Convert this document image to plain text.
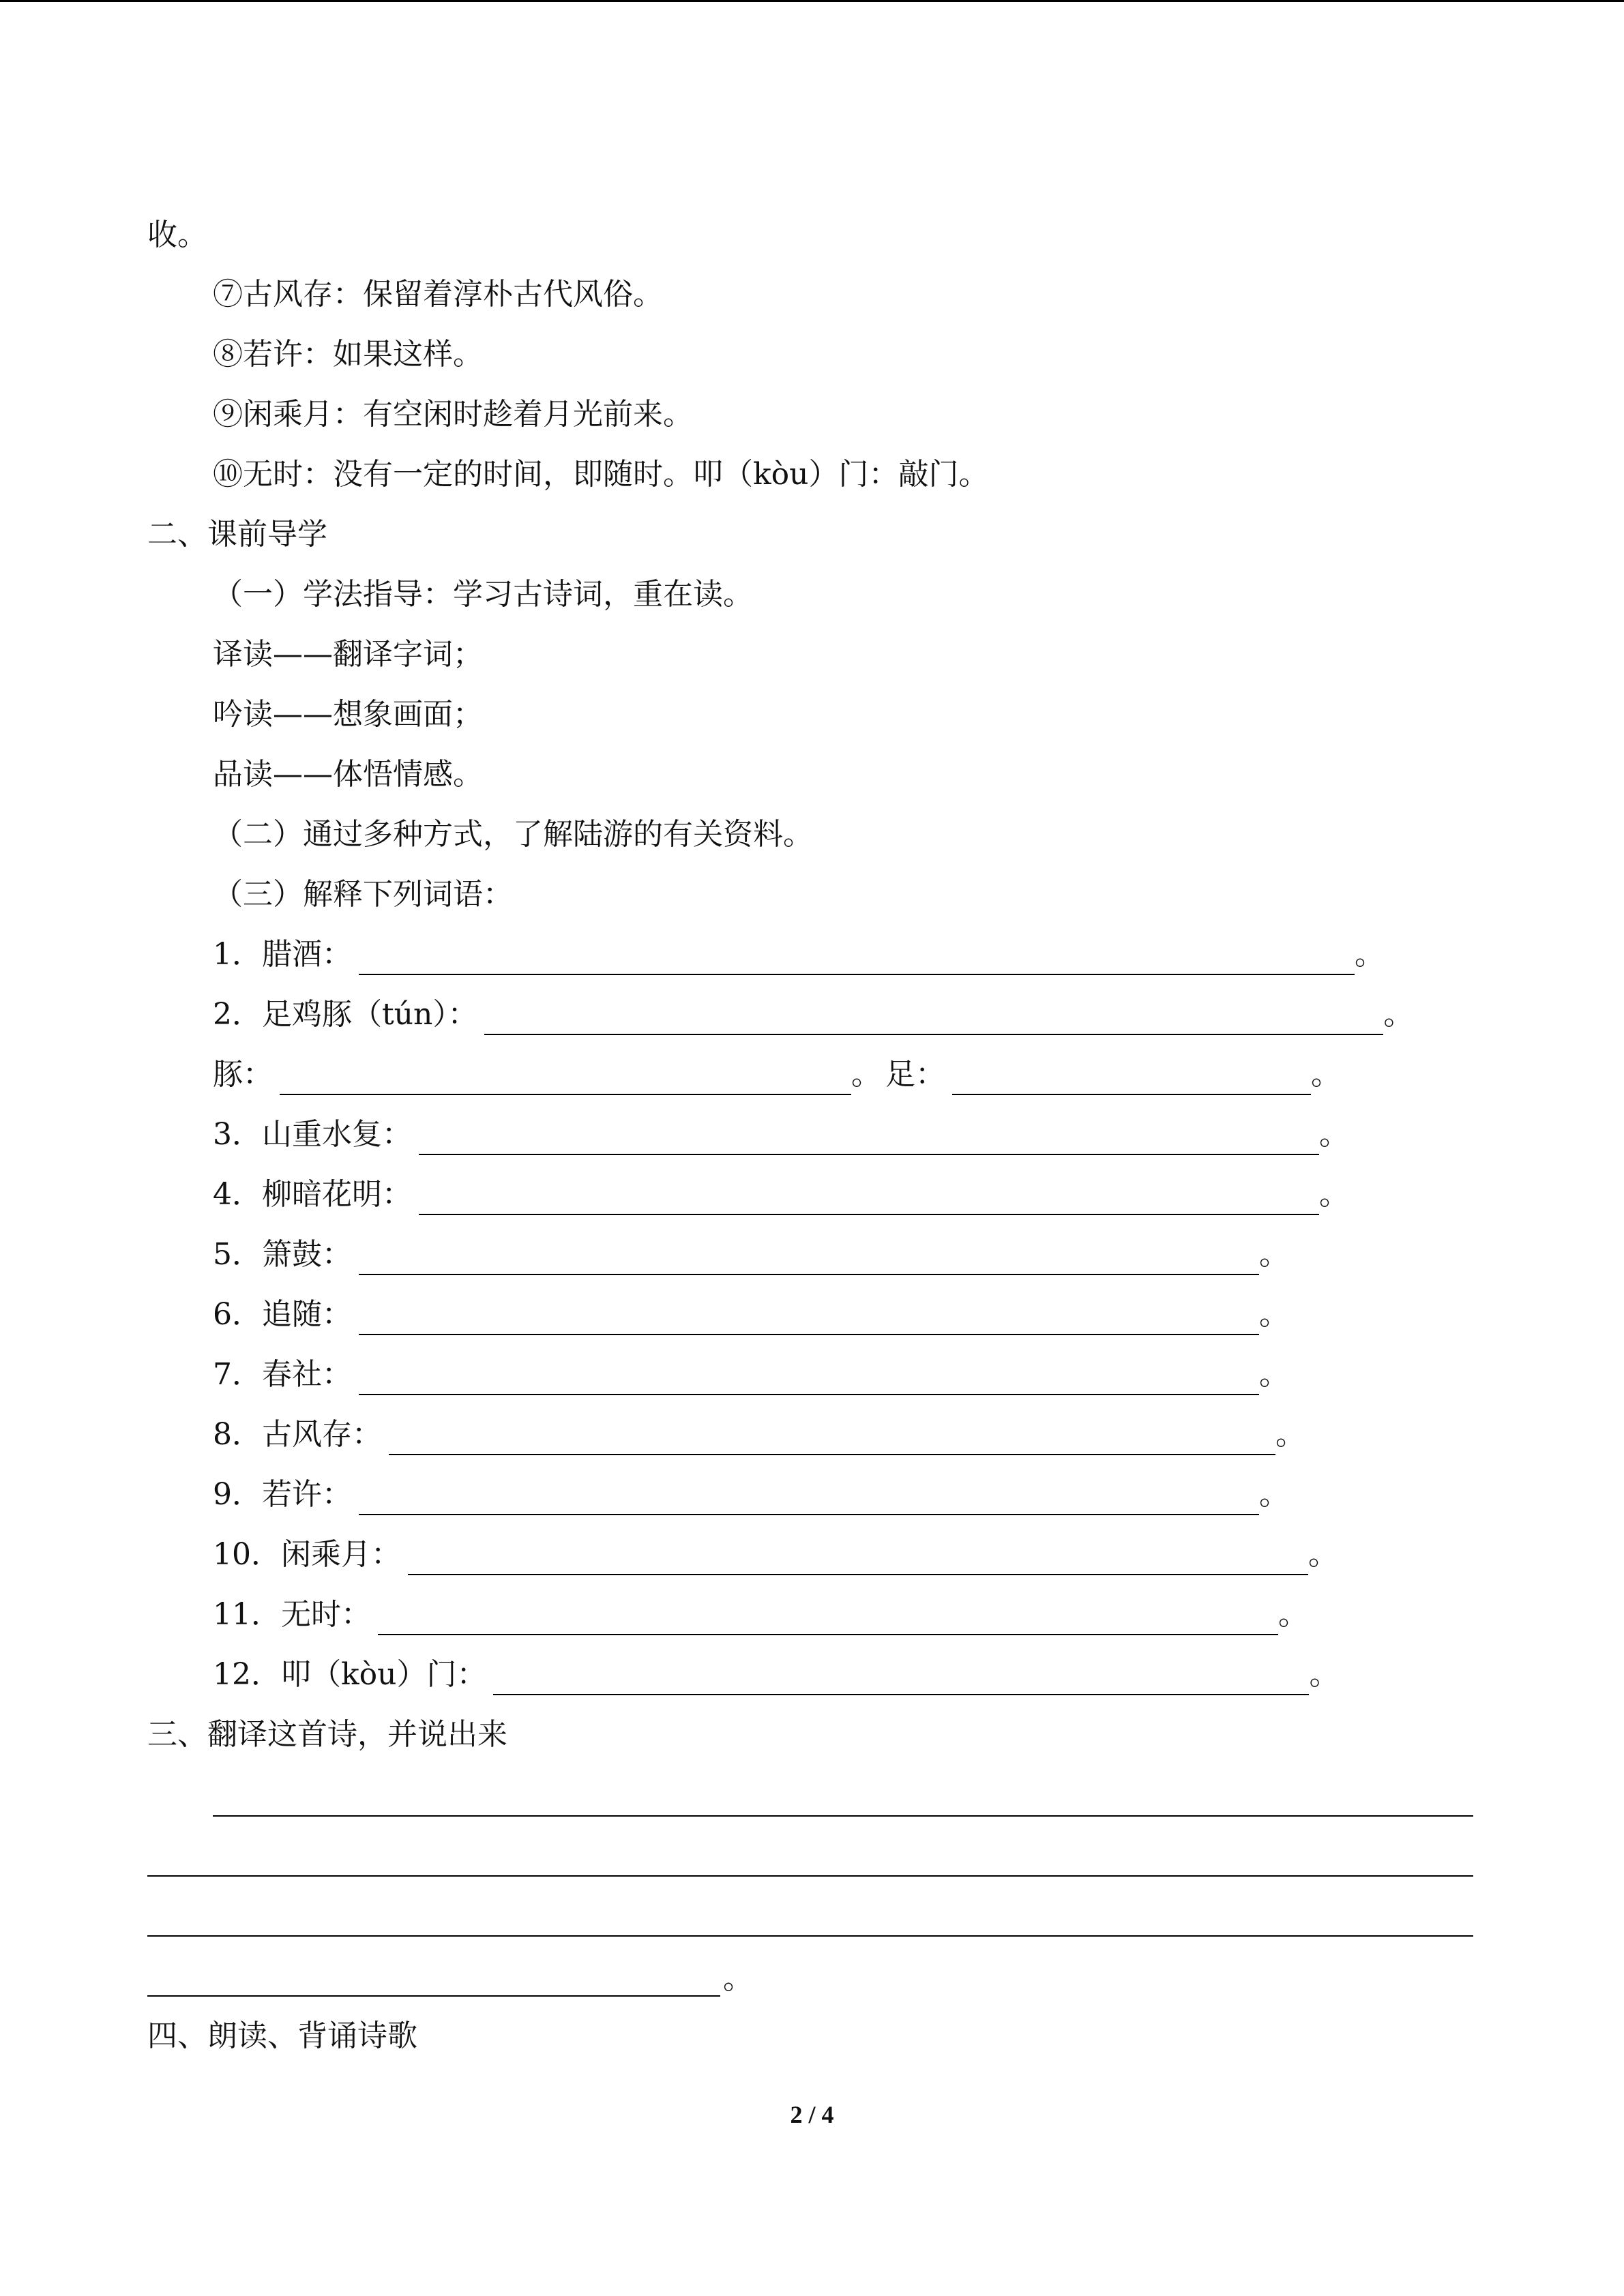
收。
⑦古风存：保留着淳朴古代风俗。
⑧若许：如果这样。
⑨闲乘月：有空闲时趁着月光前来。
⑩无时：没有一定的时间，即随时。叩（kòu）门：敲门。
二、课前导学
（一）学法指导：学习古诗词，重在读。
译读——翻译字词；
吟读——想象画面；
品读——体悟情感。
（二）通过多种方式，了解陆游的有关资料。
（三）解释下列词语：
1．腊酒：	。
2．足鸡豚（tún）：	。
豚：	。 足：	。
3．山重水复：	。
4．柳暗花明：	。
5．箫鼓：	。
6．追随：	。
7．春社：	。
8．古风存：	。
9．若许：	。
10．闲乘月：	。
11．无时：	。
12．叩（kòu）门：	。
三、翻译这首诗，并说出来
。
四、朗读、背诵诗歌
2 / 4
